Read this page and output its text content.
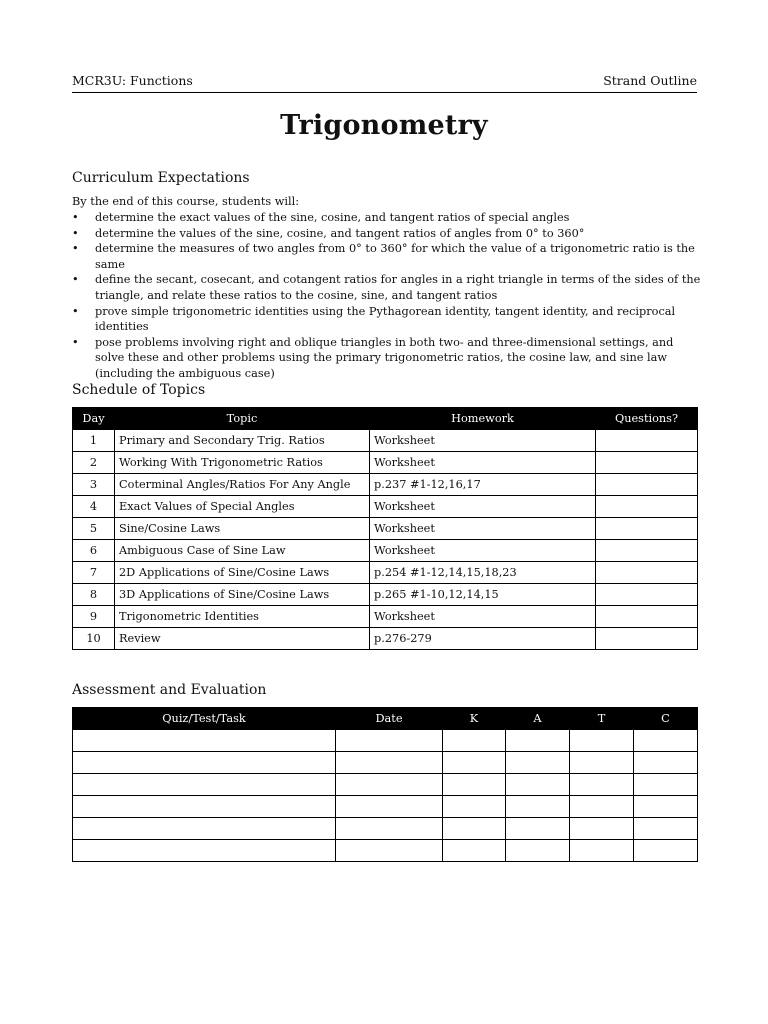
MCR3U: Functions	Strand Outline
Trigonometry
Curriculum Expectations
By the end of this course, students will:
• determine the exact values of the sine, cosine, and tangent ratios of special angles
• determine the values of the sine, cosine, and tangent ratios of angles from 0° to 360°
• determine the measures of two angles from 0° to 360° for which the value of a trigonometric ratio is the same
• define the secant, cosecant, and cotangent ratios for angles in a right triangle in terms of the sides of the triangle, and relate these ratios to the cosine, sine, and tangent ratios
• prove simple trigonometric identities using the Pythagorean identity, tangent identity, and reciprocal identities
• pose problems involving right and oblique triangles in both two- and three-dimensional settings, and solve these and other problems using the primary trigonometric ratios, the cosine law, and sine law (including the ambiguous case)
Schedule of Topics
Day	Topic	Homework	Questions?
1	Primary and Secondary Trig. Ratios	Worksheet	
2	Working With Trigonometric Ratios	Worksheet	
3	Coterminal Angles/Ratios For Any Angle	p.237 #1-12,16,17	
4	Exact Values of Special Angles	Worksheet	
5	Sine/Cosine Laws	Worksheet	
6	Ambiguous Case of Sine Law	Worksheet	
7	2D Applications of Sine/Cosine Laws	p.254 #1-12,14,15,18,23	
8	3D Applications of Sine/Cosine Laws	p.265 #1-10,12,14,15	
9	Trigonometric Identities	Worksheet	
10	Review	p.276-279	
Assessment and Evaluation
Quiz/Test/Task	Date	K	A	T	C
